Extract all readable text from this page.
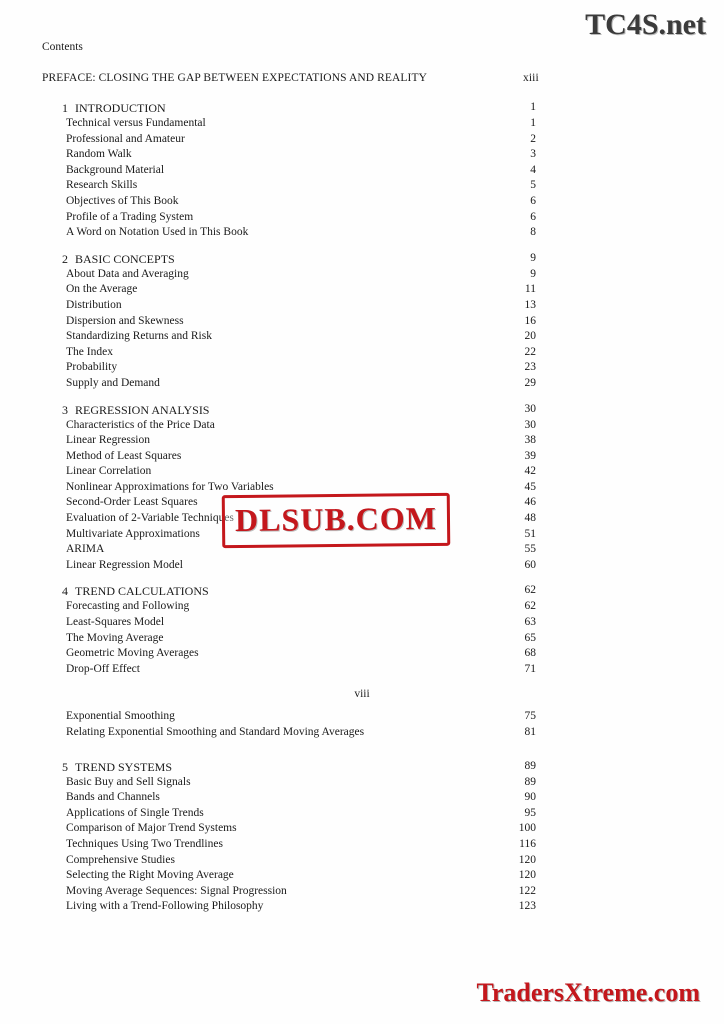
TC4S.net
Contents
PREFACE: CLOSING THE GAP BETWEEN EXPECTATIONS AND REALITY	xiii
1 INTRODUCTION	1
Technical versus Fundamental	1
Professional and Amateur	2
Random Walk	3
Background Material	4
Research Skills	5
Objectives of This Book	6
Profile of a Trading System	6
A Word on Notation Used in This Book	8
2 BASIC CONCEPTS	9
About Data and Averaging	9
On the Average	11
Distribution	13
Dispersion and Skewness	16
Standardizing Returns and Risk	20
The Index	22
Probability	23
Supply and Demand	29
3 REGRESSION ANALYSIS	30
Characteristics of the Price Data	30
Linear Regression	38
Method of Least Squares	39
Linear Correlation	42
Nonlinear Approximations for Two Variables	45
Second-Order Least Squares	46
Evaluation of 2-Variable Techniques	48
Multivariate Approximations	51
ARIMA	55
Linear Regression Model	60
4 TREND CALCULATIONS	62
Forecasting and Following	62
Least-Squares Model	63
The Moving Average	65
Geometric Moving Averages	68
Drop-Off Effect	71
viii
Exponential Smoothing	75
Relating Exponential Smoothing and Standard Moving Averages	81
5 TREND SYSTEMS	89
Basic Buy and Sell Signals	89
Bands and Channels	90
Applications of Single Trends	95
Comparison of Major Trend Systems	100
Techniques Using Two Trendlines	116
Comprehensive Studies	120
Selecting the Right Moving Average	120
Moving Average Sequences: Signal Progression	122
Living with a Trend-Following Philosophy	123
DLSUB.COM
TradersXtreme.com
